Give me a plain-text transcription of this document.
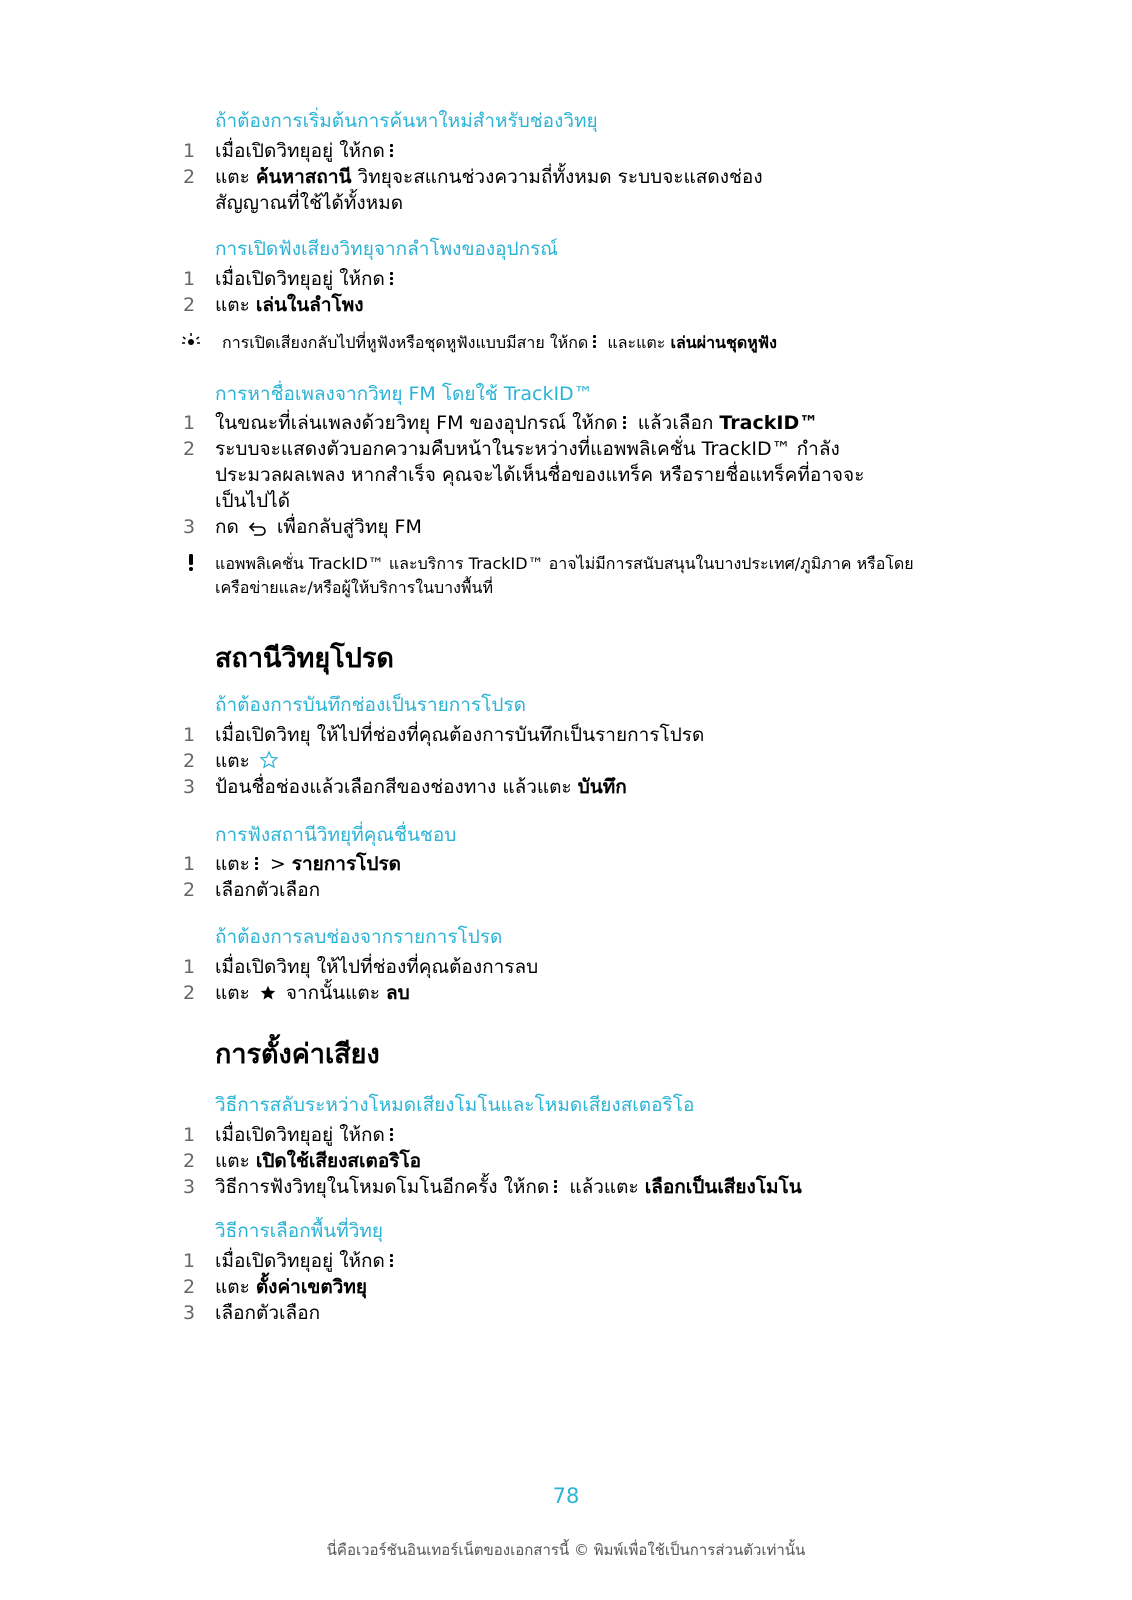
ถ้าต้องการเริ่มต้นการค้นหาใหม่สำหรับช่องวิทยุ
1	เมื่อเปิดวิทยุอยู่ ให้กด
2	แตะ ค้นหาสถานี วิทยุจะสแกนช่วงความถี่ทั้งหมด ระบบจะแสดงช่องสัญญาณที่ใช้ได้ทั้งหมด
การเปิดฟังเสียงวิทยุจากลำโพงของอุปกรณ์
1	เมื่อเปิดวิทยุอยู่ ให้กด
2	แตะ เล่นในลำโพง
การเปิดเสียงกลับไปที่หูฟังหรือชุดหูฟังแบบมีสาย ให้กด
และแตะ เล่นผ่านชุดหูฟัง
การหาชื่อเพลงจากวิทยุ FM โดยใช้ TrackID™
1	ในขณะที่เล่นเพลงด้วยวิทยุ FM ของอุปกรณ์ ให้กด
แล้วเลือก TrackID™
2	ระบบจะแสดงตัวบอกความคืบหน้าในระหว่างที่แอพพลิเคชั่น TrackID™ กำลังประมวลผลเพลง หากสำเร็จ คุณจะได้เห็นชื่อของแทร็ค หรือรายชื่อแทร็คที่อาจจะเป็นไปได้
3	กด  เพื่อกลับสู่วิทยุ FM
แอพพลิเคชั่น TrackID™ และบริการ TrackID™ อาจไม่มีการสนับสนุนในบางประเทศ/ภูมิภาค หรือโดยเครือข่ายและ/หรือผู้ให้บริการในบางพื้นที่
สถานีวิทยุโปรด
ถ้าต้องการบันทึกช่องเป็นรายการโปรด
1	เมื่อเปิดวิทยุ ให้ไปที่ช่องที่คุณต้องการบันทึกเป็นรายการโปรด
2	แตะ
3	ป้อนชื่อช่องแล้วเลือกสีของช่องทาง แล้วแตะ บันทึก
การฟังสถานีวิทยุที่คุณชื่นชอบ
1	แตะ
> รายการโปรด
2	เลือกตัวเลือก
ถ้าต้องการลบช่องจากรายการโปรด
1	เมื่อเปิดวิทยุ ให้ไปที่ช่องที่คุณต้องการลบ
2	แตะ  จากนั้นแตะ ลบ
การตั้งค่าเสียง
วิธีการสลับระหว่างโหมดเสียงโมโนและโหมดเสียงสเตอริโอ
1	เมื่อเปิดวิทยุอยู่ ให้กด
2	แตะ เปิดใช้เสียงสเตอริโอ
3	วิธีการฟังวิทยุในโหมดโมโนอีกครั้ง ให้กด
แล้วแตะ เลือกเป็นเสียงโมโน
วิธีการเลือกพื้นที่วิทยุ
1	เมื่อเปิดวิทยุอยู่ ให้กด
2	แตะ ตั้งค่าเขตวิทยุ
3	เลือกตัวเลือก
78
นี่คือเวอร์ชันอินเทอร์เน็ตของเอกสารนี้ © พิมพ์เพื่อใช้เป็นการส่วนตัวเท่านั้น
